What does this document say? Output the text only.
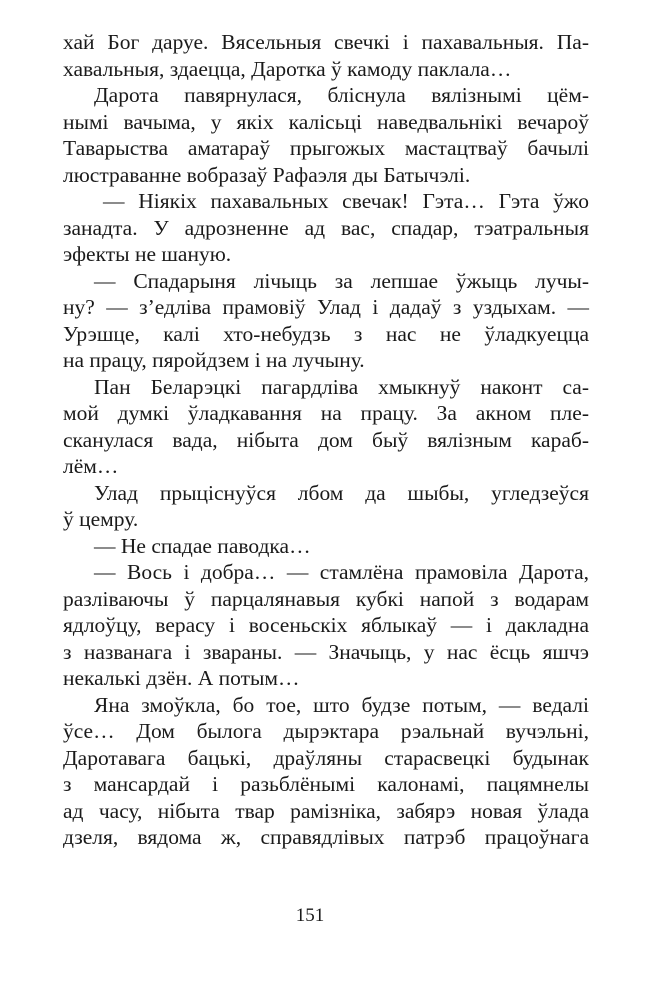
хай Бог даруе. Вясельныя свечкі і пахавальныя. Па-
хавальныя, здаецца, Даротка ў камоду паклала…
Дарота павярнулася, блiснула вялізнымі цём-
нымі вачыма, у якіх калісьці наведвальнікі вечароў
Таварыства аматараў прыгожых мастацтваў бачылі
люстраванне вобразаў Рафаэля ды Батычэлі.
— Ніякіх пахавальных свечак! Гэта… Гэта ўжо
занадта. У адрозненне ад вас, спадар, тэатральныя
эфекты не шаную.
— Спадарыня лічыць за лепшае ўжыць лучы-
ну? — з’едліва прамовіў Улад і дадаў з уздыхам. —
Урэшце, калі хто-небудзь з нас не ўладкуецца
на працу, пяройдзем і на лучыну.
Пан Беларэцкі пагардліва хмыкнуў наконт са-
мой думкі ўладкавання на працу. За акном пле-
сканулася вада, нібыта дом быў вялізным караб-
лём…
Улад прыціснуўся лбом да шыбы, угледзеўся
ў цемру.
— Не спадае паводка…
— Вось і добра… — стамлёна прамовіла Дарота,
разліваючы ў парцалянавыя кубкі напой з водарам
ядлоўцу, верасу і восеньскіх яблыкаў — і дакладна
з названага і звараны. — Значыць, у нас ёсць яшчэ
некалькі дзён. А потым…
Яна змоўкла, бо тое, што будзе потым, — ведалі
ўсе… Дом былога дырэктара рэальнай вучэльні,
Даротавага бацькі, драўляны старасвецкі будынак
з мансардай і разьблёнымі калонамі, пацямнелы
ад часу, нібыта твар рамізніка, забярэ новая ўлада
дзеля, вядома ж, справядлівых патрэб працоўнага
151
